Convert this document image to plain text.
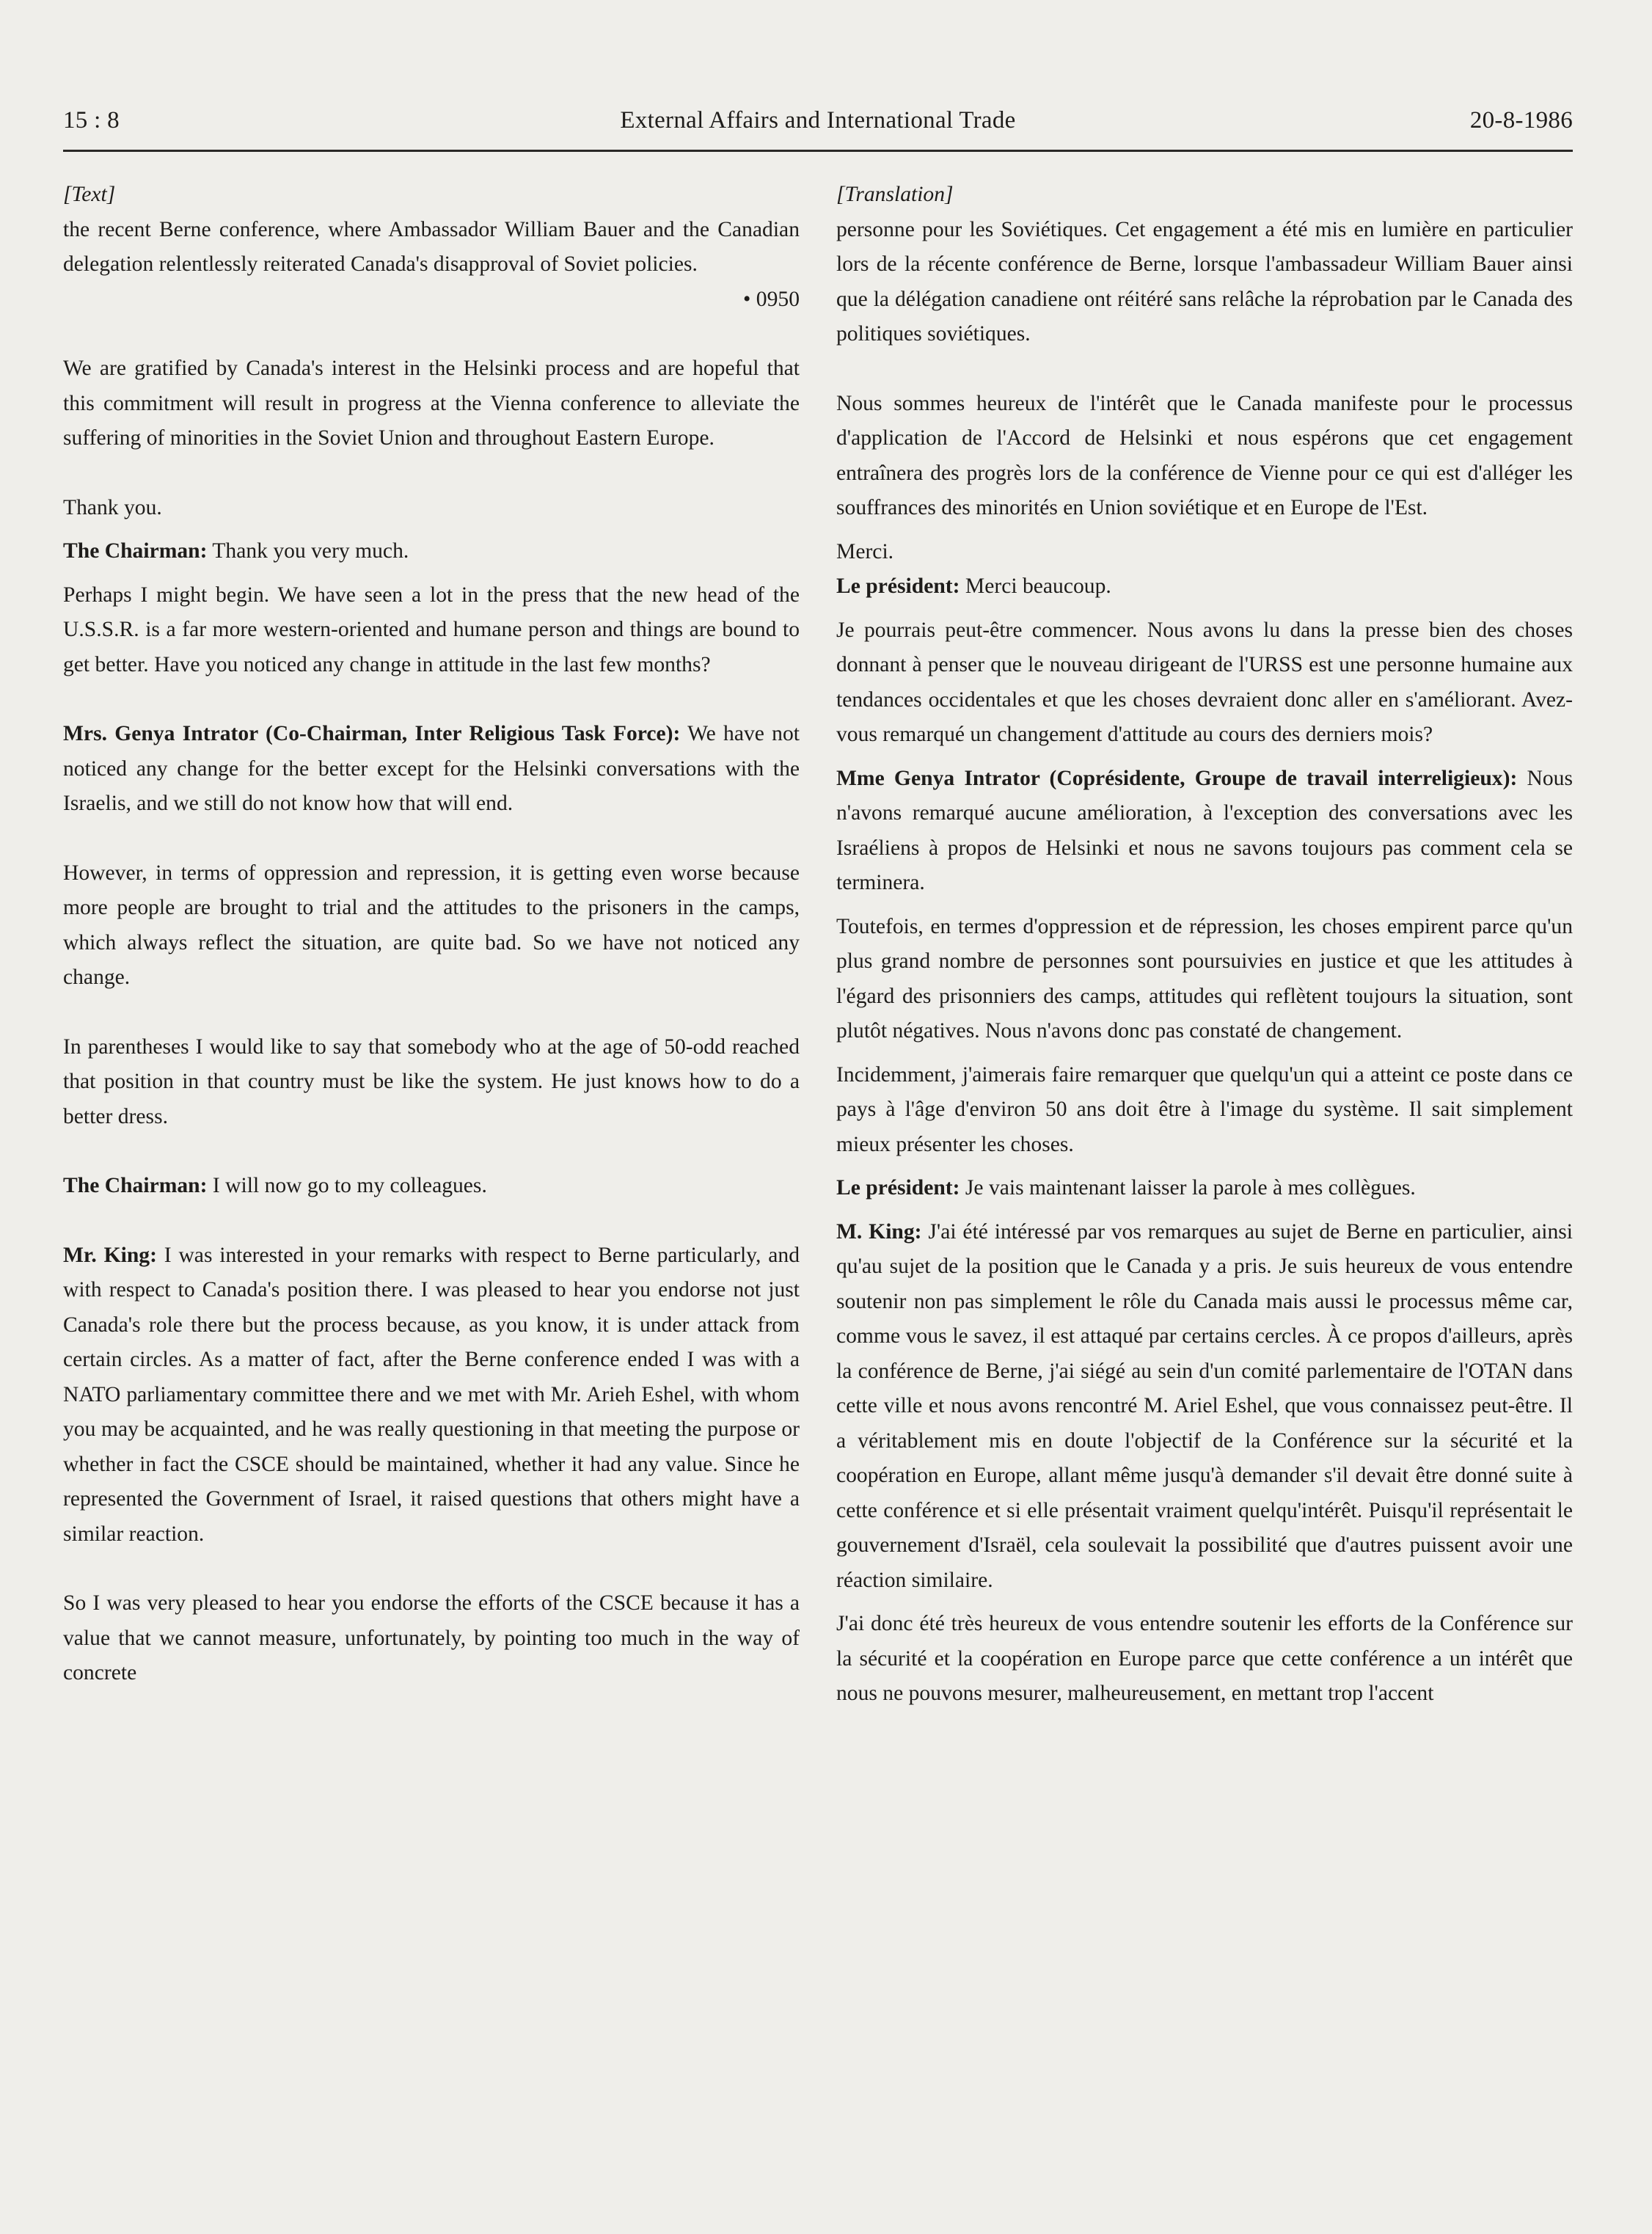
External Affairs and International Trade
15 : 8	20-8-1986

[Text]

the recent Berne conference, where Ambassador William Bauer and the Canadian delegation relentlessly reiterated Canada's disapproval of Soviet policies.

• 0950

We are gratified by Canada's interest in the Helsinki process and are hopeful that this commitment will result in progress at the Vienna conference to alleviate the suffering of minorities in the Soviet Union and throughout Eastern Europe.

Thank you.

The Chairman: Thank you very much.

Perhaps I might begin. We have seen a lot in the press that the new head of the U.S.S.R. is a far more western-oriented and humane person and things are bound to get better. Have you noticed any change in attitude in the last few months?

Mrs. Genya Intrator (Co-Chairman, Inter Religious Task Force): We have not noticed any change for the better except for the Helsinki conversations with the Israelis, and we still do not know how that will end.

However, in terms of oppression and repression, it is getting even worse because more people are brought to trial and the attitudes to the prisoners in the camps, which always reflect the situation, are quite bad. So we have not noticed any change.

In parentheses I would like to say that somebody who at the age of 50-odd reached that position in that country must be like the system. He just knows how to do a better dress.

The Chairman: I will now go to my colleagues.

Mr. King: I was interested in your remarks with respect to Berne particularly, and with respect to Canada's position there. I was pleased to hear you endorse not just Canada's role there but the process because, as you know, it is under attack from certain circles. As a matter of fact, after the Berne conference ended I was with a NATO parliamentary committee there and we met with Mr. Arieh Eshel, with whom you may be acquainted, and he was really questioning in that meeting the purpose or whether in fact the CSCE should be maintained, whether it had any value. Since he represented the Government of Israel, it raised questions that others might have a similar reaction.

So I was very pleased to hear you endorse the efforts of the CSCE because it has a value that we cannot measure, unfortunately, by pointing too much in the way of concrete

[Translation]

personne pour les Soviétiques. Cet engagement a été mis en lumière en particulier lors de la récente conférence de Berne, lorsque l'ambassadeur William Bauer ainsi que la délégation canadiene ont réitéré sans relâche la réprobation par le Canada des politiques soviétiques.

Nous sommes heureux de l'intérêt que le Canada manifeste pour le processus d'application de l'Accord de Helsinki et nous espérons que cet engagement entraînera des progrès lors de la conférence de Vienne pour ce qui est d'alléger les souffrances des minorités en Union soviétique et en Europe de l'Est.

Merci.

Le président: Merci beaucoup.

Je pourrais peut-être commencer. Nous avons lu dans la presse bien des choses donnant à penser que le nouveau dirigeant de l'URSS est une personne humaine aux tendances occidentales et que les choses devraient donc aller en s'améliorant. Avez-vous remarqué un changement d'attitude au cours des derniers mois?

Mme Genya Intrator (Coprésidente, Groupe de travail interreligieux): Nous n'avons remarqué aucune amélioration, à l'exception des conversations avec les Israéliens à propos de Helsinki et nous ne savons toujours pas comment cela se terminera.

Toutefois, en termes d'oppression et de répression, les choses empirent parce qu'un plus grand nombre de personnes sont poursuivies en justice et que les attitudes à l'égard des prisonniers des camps, attitudes qui reflètent toujours la situation, sont plutôt négatives. Nous n'avons donc pas constaté de changement.

Incidemment, j'aimerais faire remarquer que quelqu'un qui a atteint ce poste dans ce pays à l'âge d'environ 50 ans doit être à l'image du système. Il sait simplement mieux présenter les choses.

Le président: Je vais maintenant laisser la parole à mes collègues.

M. King: J'ai été intéressé par vos remarques au sujet de Berne en particulier, ainsi qu'au sujet de la position que le Canada y a pris. Je suis heureux de vous entendre soutenir non pas simplement le rôle du Canada mais aussi le processus même car, comme vous le savez, il est attaqué par certains cercles. À ce propos d'ailleurs, après la conférence de Berne, j'ai siégé au sein d'un comité parlementaire de l'OTAN dans cette ville et nous avons rencontré M. Ariel Eshel, que vous connaissez peut-être. Il a véritablement mis en doute l'objectif de la Conférence sur la sécurité et la coopération en Europe, allant même jusqu'à demander s'il devait être donné suite à cette conférence et si elle présentait vraiment quelqu'intérêt. Puisqu'il représentait le gouvernement d'Israël, cela soulevait la possibilité que d'autres puissent avoir une réaction similaire.

J'ai donc été très heureux de vous entendre soutenir les efforts de la Conférence sur la sécurité et la coopération en Europe parce que cette conférence a un intérêt que nous ne pouvons mesurer, malheureusement, en mettant trop l'accent
